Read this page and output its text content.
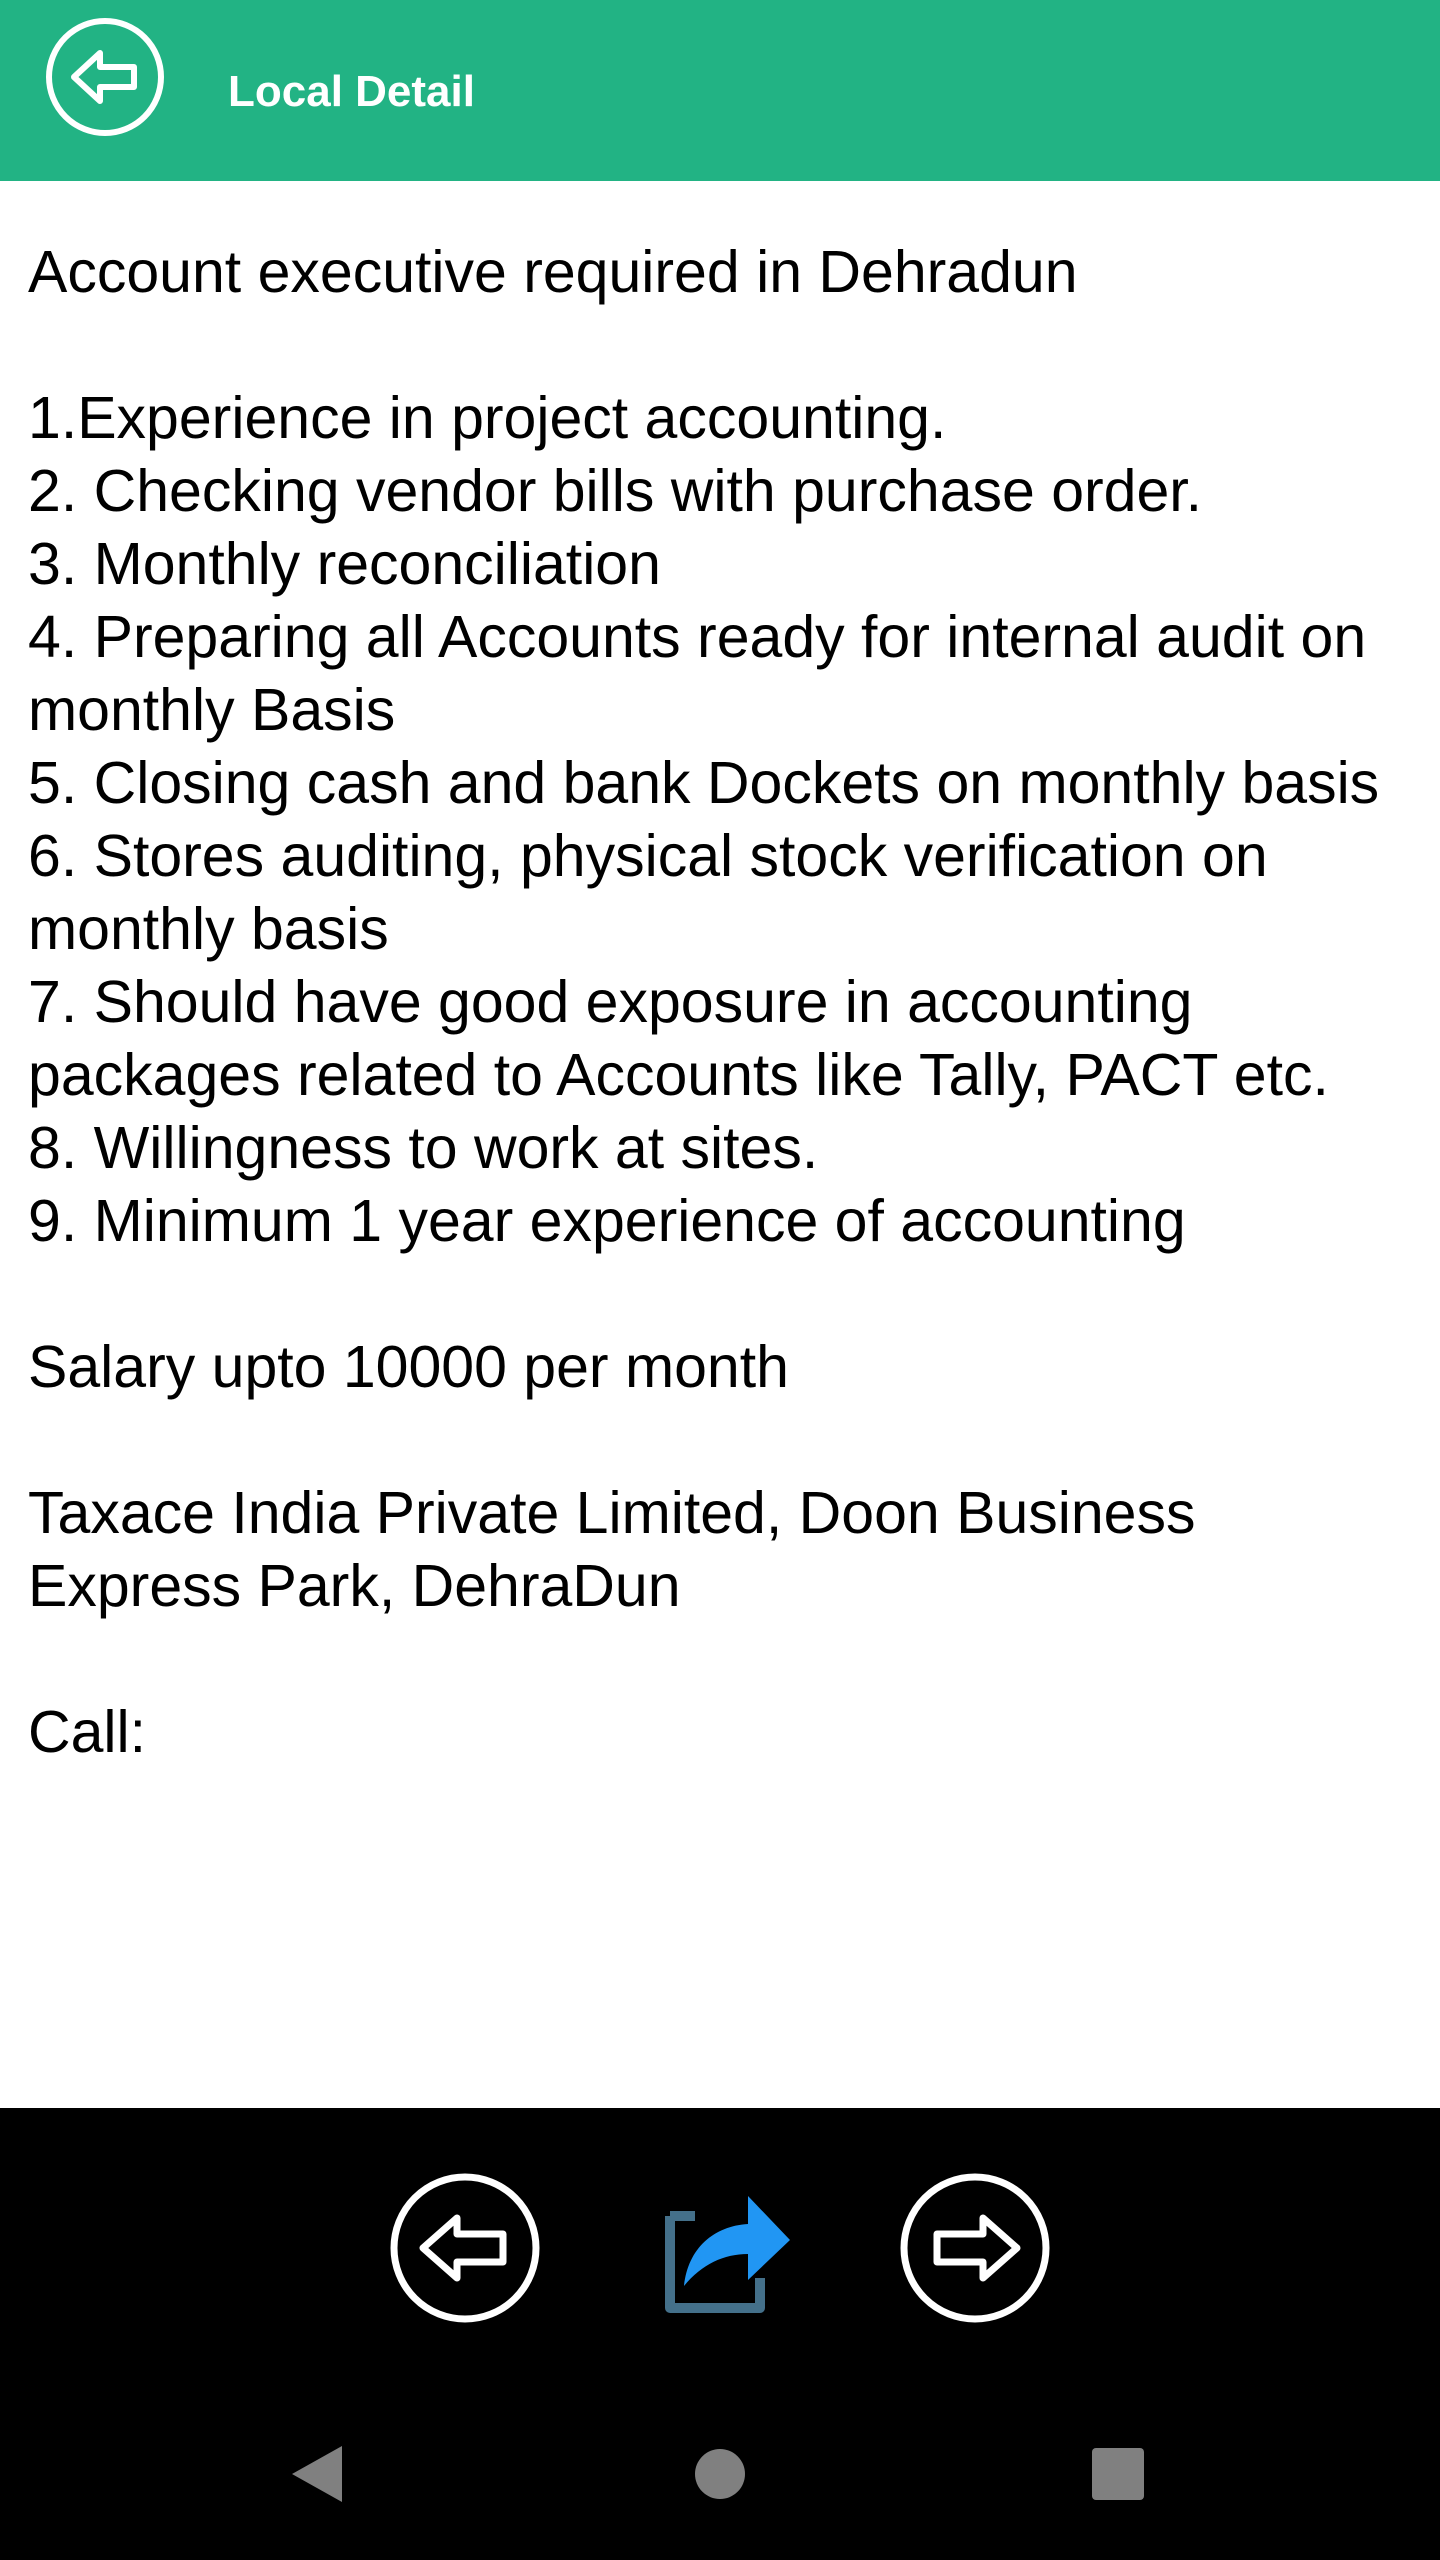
Local Detail

Account executive required in Dehradun

1.Experience in project accounting.

2. Checking vendor bills with purchase order.

3. Monthly reconciliation

4. Preparing all Accounts ready for internal audit on monthly Basis

5. Closing cash and bank Dockets on monthly basis

6. Stores auditing, physical stock verification on monthly basis

7. Should have good exposure in accounting packages related to Accounts like Tally, PACT etc.

8. Willingness to work at sites.

9. Minimum 1 year experience of accounting

Salary upto 10000 per month

Taxace India Private Limited, Doon Business Express Park, DehraDun

Call:
